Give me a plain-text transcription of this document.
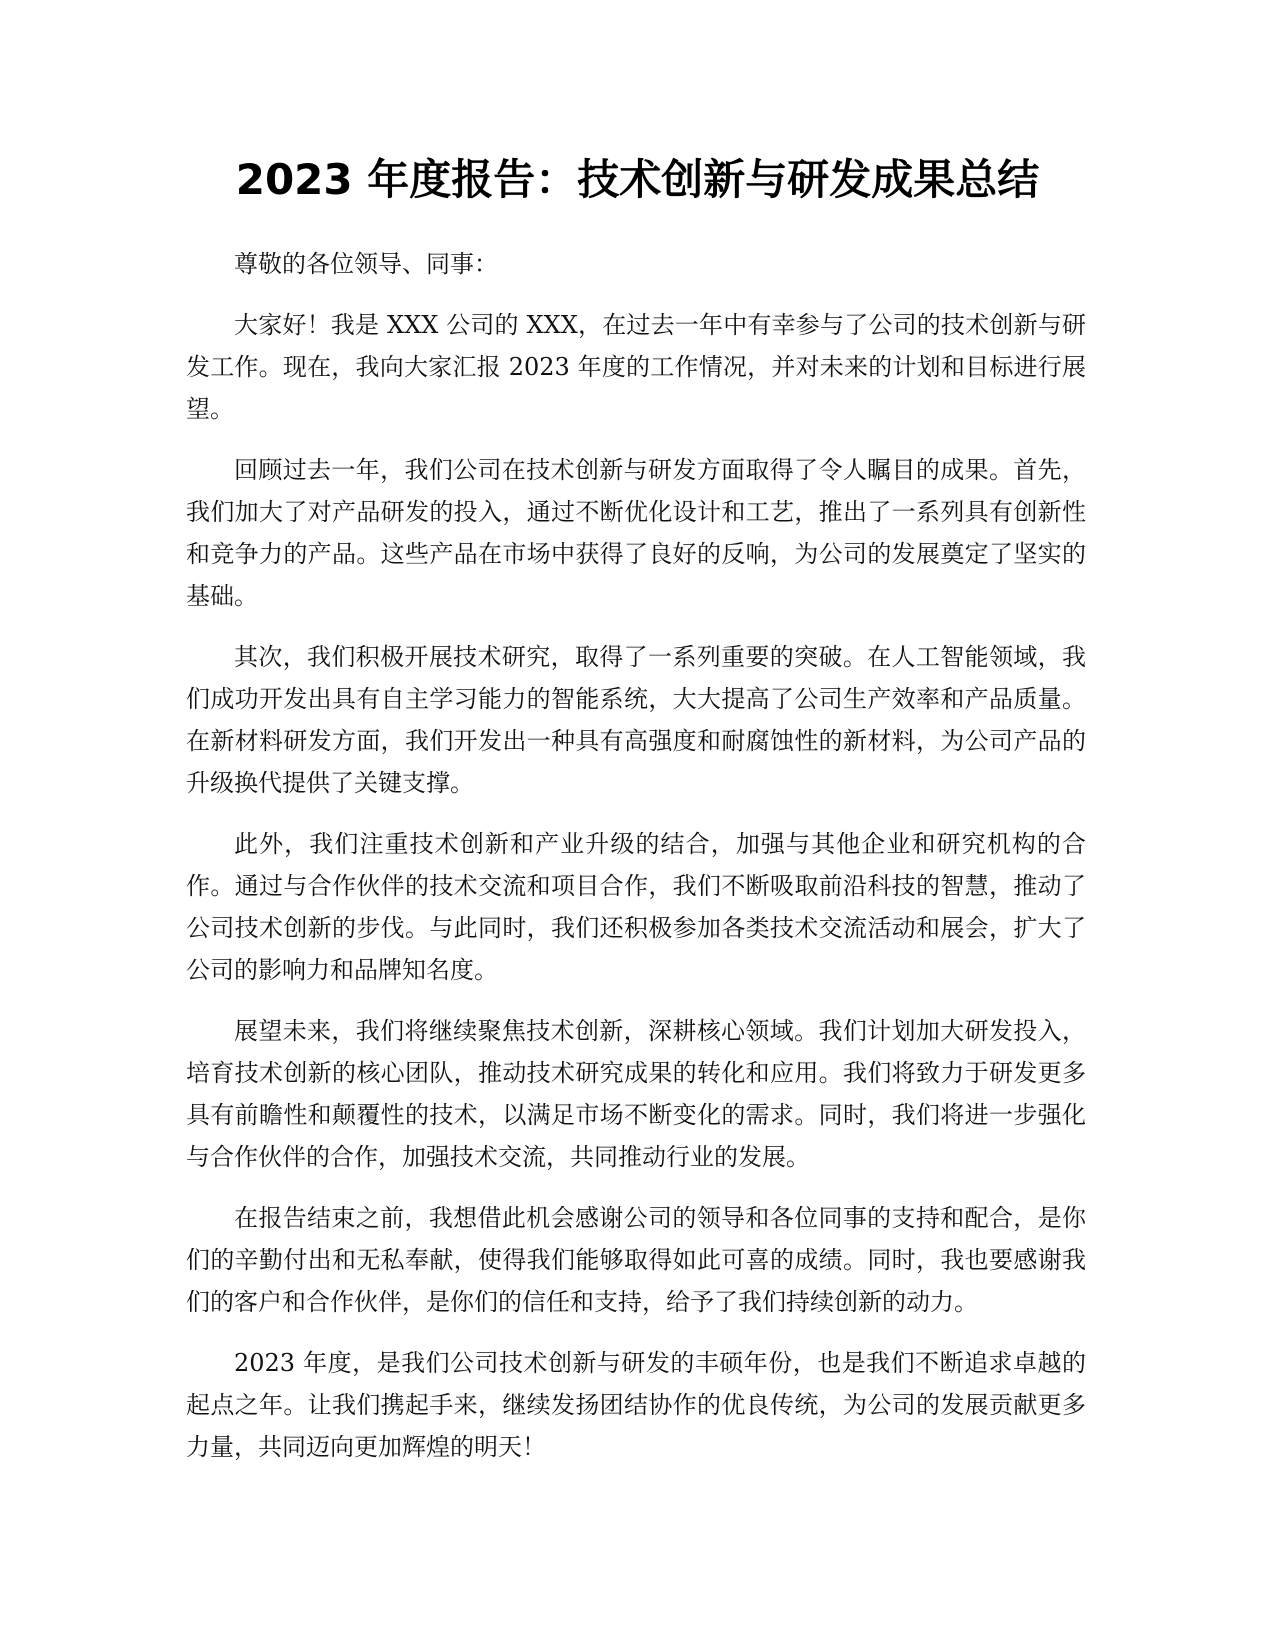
2023 年度报告：技术创新与研发成果总结

尊敬的各位领导、同事：

大家好！我是 XXX 公司的 XXX，在过去一年中有幸参与了公司的技术创新与研发工作。现在，我向大家汇报 2023 年度的工作情况，并对未来的计划和目标进行展望。

回顾过去一年，我们公司在技术创新与研发方面取得了令人瞩目的成果。首先，我们加大了对产品研发的投入，通过不断优化设计和工艺，推出了一系列具有创新性和竞争力的产品。这些产品在市场中获得了良好的反响，为公司的发展奠定了坚实的基础。

其次，我们积极开展技术研究，取得了一系列重要的突破。在人工智能领域，我们成功开发出具有自主学习能力的智能系统，大大提高了公司生产效率和产品质量。在新材料研发方面，我们开发出一种具有高强度和耐腐蚀性的新材料，为公司产品的升级换代提供了关键支撑。

此外，我们注重技术创新和产业升级的结合，加强与其他企业和研究机构的合作。通过与合作伙伴的技术交流和项目合作，我们不断吸取前沿科技的智慧，推动了公司技术创新的步伐。与此同时，我们还积极参加各类技术交流活动和展会，扩大了公司的影响力和品牌知名度。

展望未来，我们将继续聚焦技术创新，深耕核心领域。我们计划加大研发投入，培育技术创新的核心团队，推动技术研究成果的转化和应用。我们将致力于研发更多具有前瞻性和颠覆性的技术，以满足市场不断变化的需求。同时，我们将进一步强化与合作伙伴的合作，加强技术交流，共同推动行业的发展。

在报告结束之前，我想借此机会感谢公司的领导和各位同事的支持和配合，是你们的辛勤付出和无私奉献，使得我们能够取得如此可喜的成绩。同时，我也要感谢我们的客户和合作伙伴，是你们的信任和支持，给予了我们持续创新的动力。

2023 年度，是我们公司技术创新与研发的丰硕年份，也是我们不断追求卓越的起点之年。让我们携起手来，继续发扬团结协作的优良传统，为公司的发展贡献更多力量，共同迈向更加辉煌的明天！
